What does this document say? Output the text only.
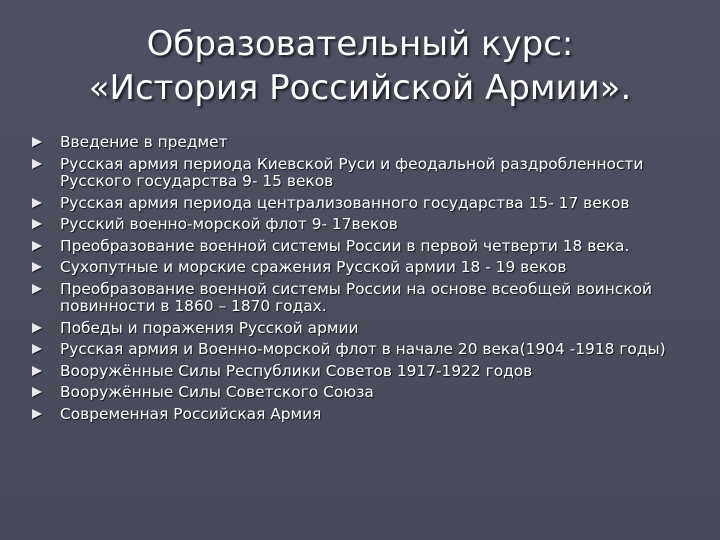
Образовательный курс:
«История Российской Армии».
Введение в предмет
Русская армия периода Киевской Руси и феодальной раздробленности Русского государства 9- 15 веков
Русская армия периода централизованного государства 15- 17 веков
Русский военно-морской флот 9- 17веков
Преобразование военной системы России в первой четверти 18 века.
Сухопутные и морские сражения Русской армии 18 - 19 веков
Преобразование военной системы России на основе всеобщей воинской повинности в 1860 – 1870 годах.
Победы и поражения Русской армии
Русская армия и Военно-морской флот в начале 20 века(1904 -1918 годы)
Вооружённые Силы Республики Советов 1917-1922 годов
Вооружённые Силы Советского Союза
Современная Российская Армия
